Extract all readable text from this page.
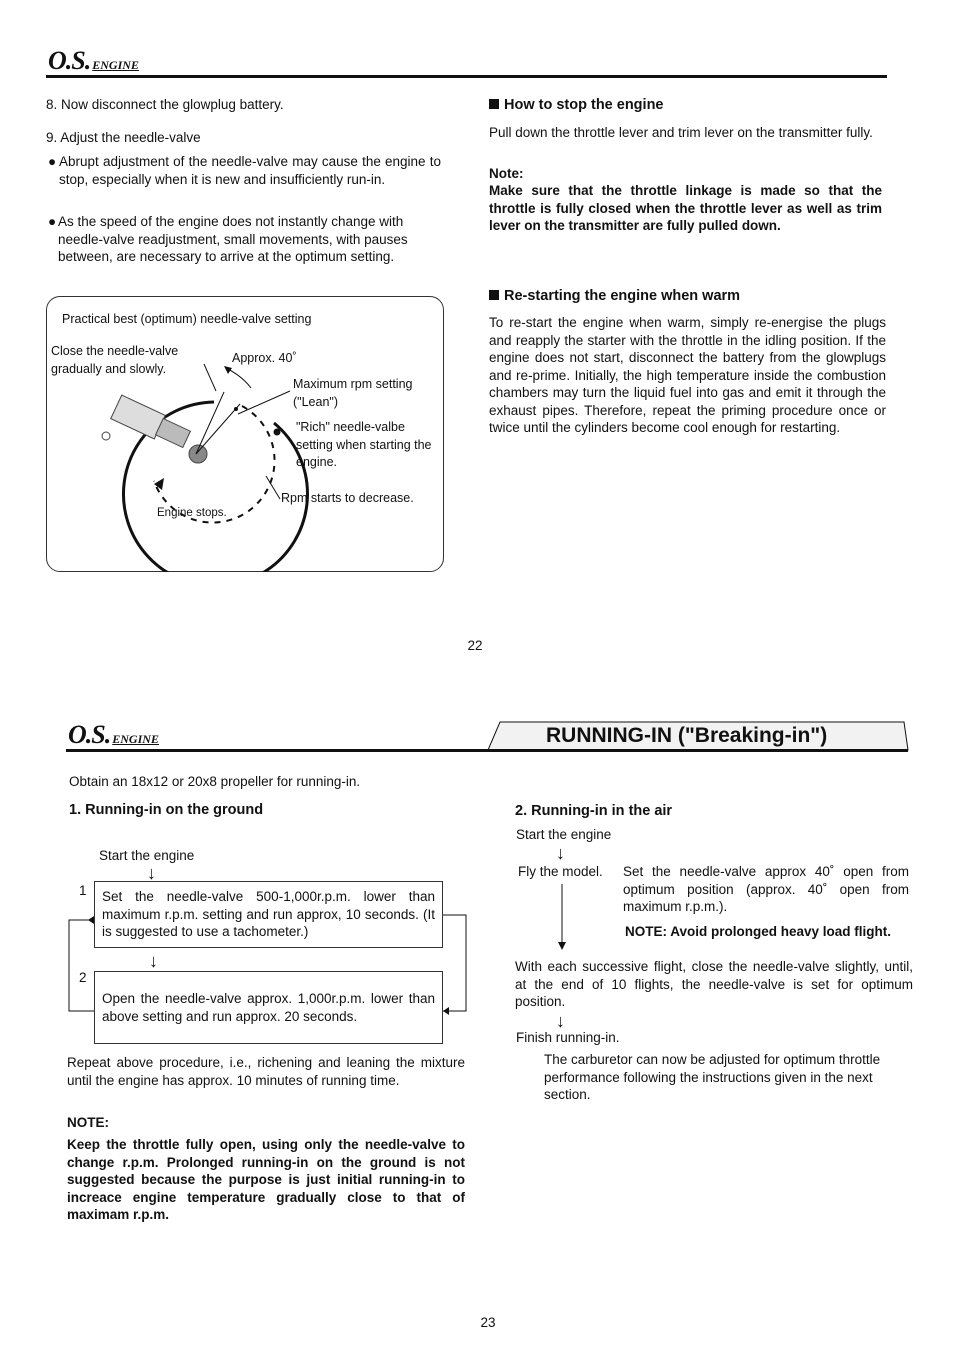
O.S. ENGINE
8. Now disconnect the glowplug battery.
9. Adjust the needle-valve
● Abrupt adjustment of the needle-valve may cause the engine to stop, especially when it is new and insufficiently run-in.
● As the speed of the engine does not instantly change with needle-valve readjustment, small movements, with pauses between, are necessary to arrive at the optimum setting.
Practical best (optimum) needle-valve setting
Close the needle-valve gradually and slowly.
Approx. 40˚
Maximum rpm setting ("Lean")
"Rich" needle-valbe setting when starting the engine.
Rpm starts to decrease.
Engine stops.
How to stop the engine
Pull down the throttle lever and trim lever on the transmitter fully.
Note:
Make sure that the throttle linkage is made so that the throttle is fully closed when the throttle lever as well as trim lever on the transmitter are fully pulled down.
Re-starting the engine when warm
To re-start the engine when warm, simply re-energise the plugs and reapply the starter with the throttle in the idling position. If the engine does not start, disconnect the battery from the glowplugs and re-prime. Initially, the high temperature inside the combustion chambers may turn the liquid fuel into gas and emit it through the exhaust pipes. Therefore, repeat the priming procedure once or twice until the cylinders become cool enough for restarting.
22
O.S. ENGINE	RUNNING-IN ("Breaking-in")
Obtain an 18x12 or 20x8 propeller for running-in.
1. Running-in on the ground
Start the engine
↓
1	Set the needle-valve 500-1,000r.p.m. lower than maximum r.p.m. setting and run approx, 10 seconds. (It is suggested to use a tachometer.)
↓
2
Open the needle-valve approx. 1,000r.p.m. lower than above setting and run approx. 20 seconds.
Repeat above procedure, i.e., richening and leaning the mixture until the engine has approx. 10 minutes of running time.
NOTE:
Keep the throttle fully open, using only the needle-valve to change r.p.m. Prolonged running-in on the ground is not suggested because the purpose is just initial running-in to increace engine temperature gradually close to that of maximam r.p.m.
2. Running-in in the air
Start the engine
↓
Fly the model.	Set the needle-valve approx 40˚ open from optimum position (approx. 40˚ open from maximum r.p.m.).
NOTE: Avoid prolonged heavy load flight.
With each successive flight, close the needle-valve slightly, until, at the end of 10 flights, the needle-valve is set for optimum position.
↓
Finish running-in.
The carburetor can now be adjusted for optimum throttle performance following the instructions given in the next section.
23
